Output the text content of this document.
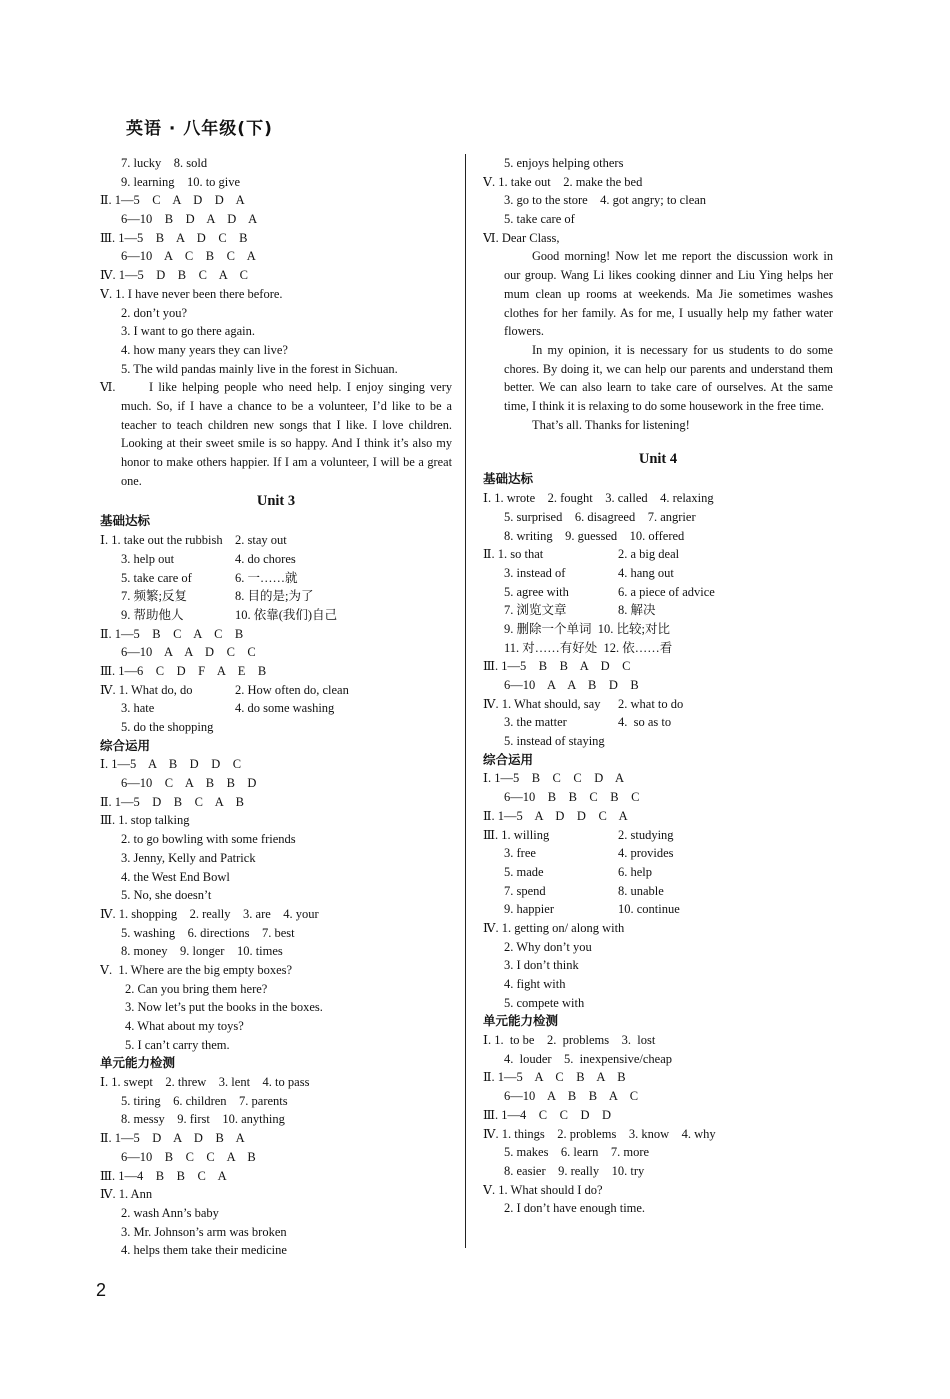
英语 · 八年级(下)
7. lucky    8. sold
9. learning    10. to give
Ⅱ. 1—5    C    A    D    D    A
6—10    B    D    A    D    A
Ⅲ. 1—5    B    A    D    C    B
6—10    A    C    B    C    A
Ⅳ. 1—5    D    B    C    A    C
Ⅴ. 1. I have never been there before.
2. don’t you?
3. I want to go there again.
4. how many years they can live?
5. The wild pandas mainly live in the forest in Sichuan.
Ⅵ.	I like helping people who need help. I enjoy singing very much. So, if I have a chance to be a volunteer, I’d like to be a teacher to teach children new songs that I like. I love children. Looking at their sweet smile is so happy. And I think it’s also my honor to make others happier. If I am a volunteer, I will be a great one.
Unit 3
基础达标
Ⅰ. 1. take out the rubbish 2. stay out
3. help out	4. do chores
5. take care of	6. 一……就
7. 频繁;反复	8. 目的是;为了
9. 帮助他人	10. 依靠(我们)自己
Ⅱ. 1—5    B    C    A    C    B
6—10    A    A    D    C    C
Ⅲ. 1—6    C    D    F    A    E    B
Ⅳ. 1. What do, do	2. How often do, clean
3. hate	4. do some washing
5. do the shopping
综合运用
Ⅰ. 1—5    A    B    D    D    C
6—10    C    A    B    B    D
Ⅱ. 1—5    D    B    C    A    B
Ⅲ. 1. stop talking
2. to go bowling with some friends
3. Jenny, Kelly and Patrick
4. the West End Bowl
5. No, she doesn’t
Ⅳ. 1. shopping    2. really    3. are    4. your
5. washing    6. directions    7. best
8. money    9. longer    10. times
Ⅴ.  1. Where are the big empty boxes?
2. Can you bring them here?
3. Now let’s put the books in the boxes.
4. What about my toys?
5. I can’t carry them.
单元能力检测
Ⅰ. 1. swept    2. threw    3. lent    4. to pass
5. tiring    6. children    7. parents
8. messy    9. first    10. anything
Ⅱ. 1—5    D    A    D    B    A
6—10    B    C    C    A    B
Ⅲ. 1—4    B    B    C    A
Ⅳ. 1. Ann
2. wash Ann’s baby
3. Mr. Johnson’s arm was broken
4. helps them take their medicine
5. enjoys helping others
Ⅴ. 1. take out    2. make the bed
3. go to the store    4. got angry; to clean
5. take care of
Ⅵ. Dear Class,
Good morning! Now let me report the discussion work in our group. Wang Li likes cooking dinner and Liu Ying helps her mum clean up rooms at weekends. Ma Jie sometimes washes clothes for her family. As for me, I usually help my father water flowers.
In my opinion, it is necessary for us students to do some chores. By doing it, we can help our parents and understand them better. We can also learn to take care of ourselves. At the same time, I think it is relaxing to do some housework in the free time.
That’s all. Thanks for listening!
Unit 4
基础达标
Ⅰ. 1. wrote    2. fought    3. called    4. relaxing
5. surprised    6. disagreed    7. angrier
8. writing    9. guessed    10. offered
Ⅱ. 1. so that	2. a big deal
3. instead of	4. hang out
5. agree with	6. a piece of advice
7. 浏览文章	8. 解决
9. 删除一个单词  10. 比较;对比
11. 对……有好处  12. 依……看
Ⅲ. 1—5    B    B    A    D    C
6—10    A    A    B    D    B
Ⅳ. 1. What should, say	2. what to do
3. the matter	4.  so as to
5. instead of staying
综合运用
Ⅰ. 1—5    B    C    C    D    A
6—10    B    B    C    B    C
Ⅱ. 1—5    A    D    D    C    A
Ⅲ. 1. willing	2. studying
3. free	4. provides
5. made	6. help
7. spend	8. unable
9. happier	10. continue
Ⅳ. 1. getting on/ along with
2. Why don’t you
3. I don’t think
4. fight with
5. compete with
单元能力检测
Ⅰ. 1.  to be    2.  problems    3.  lost
4.  louder    5.  inexpensive/cheap
Ⅱ. 1—5    A    C    B    A    B
6—10    A    B    B    A    C
Ⅲ. 1—4    C    C    D    D
Ⅳ. 1. things    2. problems    3. know    4. why
5. makes    6. learn    7. more
8. easier    9. really    10. try
Ⅴ. 1. What should I do?
2. I don’t have enough time.
2
